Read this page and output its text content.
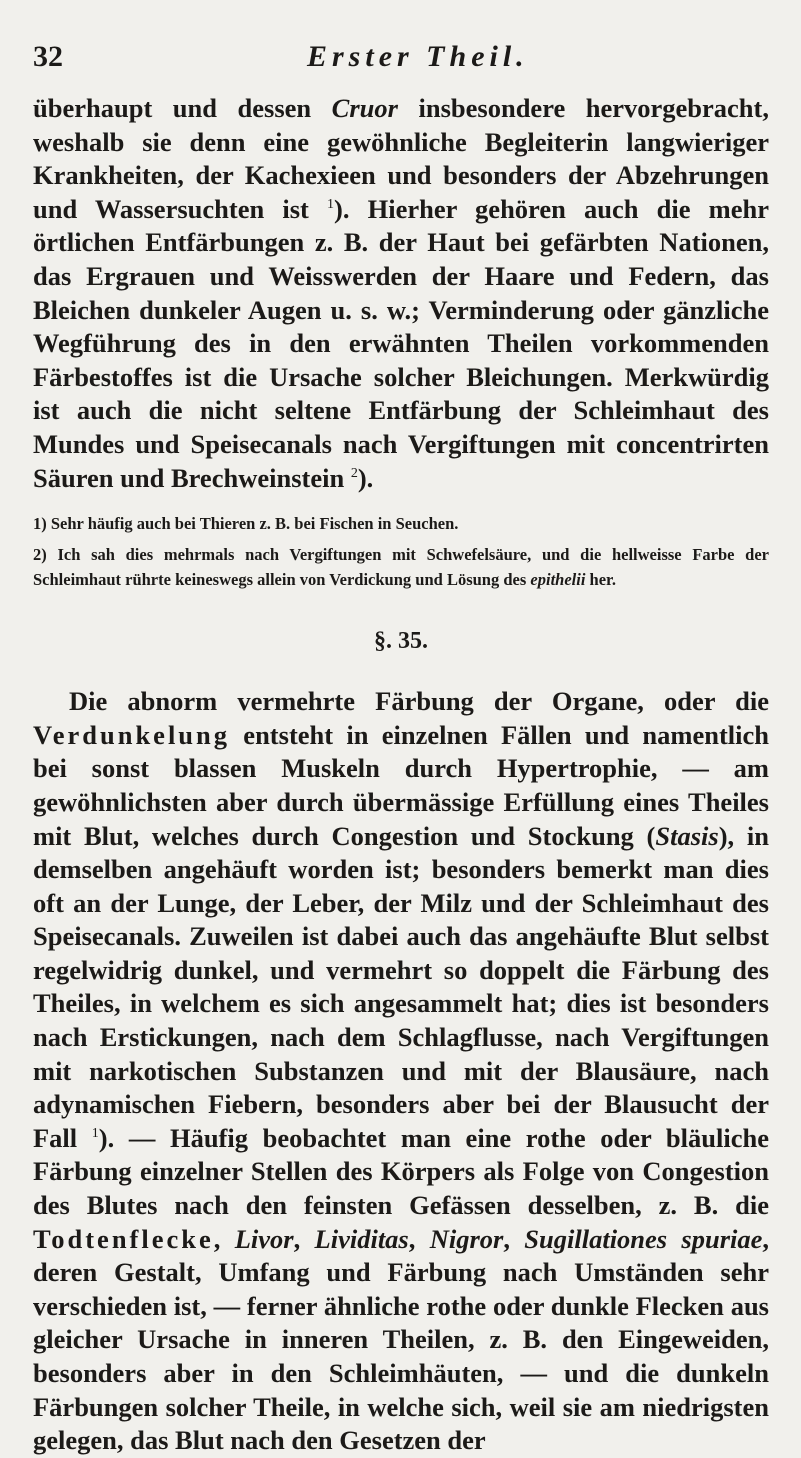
32	Erster Theil.

überhaupt und dessen Cruor insbesondere hervorgebracht, weshalb sie denn eine gewöhnliche Begleiterin langwieriger Krankheiten, der Kachexieen und besonders der Abzehrungen und Wassersuchten ist $^1$). Hierher gehören auch die mehr örtlichen Entfärbungen z. B. der Haut bei gefärbten Nationen, das Ergrauen und Weisswerden der Haare und Federn, das Bleichen dunkeler Augen u. s. w.; Verminderung oder gänzliche Wegführung des in den erwähnten Theilen vorkommenden Färbestoffes ist die Ursache solcher Bleichungen. Merkwürdig ist auch die nicht seltene Entfärbung der Schleimhaut des Mundes und Speisecanals nach Vergiftungen mit concentrirten Säuren und Brechweinstein $^2$).

1) Sehr häufig auch bei Thieren z. B. bei Fischen in Seuchen.

2) Ich sah dies mehrmals nach Vergiftungen mit Schwefelsäure, und die hellweisse Farbe der Schleimhaut rührte keineswegs allein von Verdickung und Lösung des epithelii her.

§. 35.

Die abnorm vermehrte Färbung der Organe, oder die Verdunkelung entsteht in einzelnen Fällen und namentlich bei sonst blassen Muskeln durch Hypertrophie, — am gewöhnlichsten aber durch übermässige Erfüllung eines Theiles mit Blut, welches durch Congestion und Stockung (Stasis), in demselben angehäuft worden ist; besonders bemerkt man dies oft an der Lunge, der Leber, der Milz und der Schleimhaut des Speisecanals. Zuweilen ist dabei auch das angehäufte Blut selbst regelwidrig dunkel, und vermehrt so doppelt die Färbung des Theiles, in welchem es sich angesammelt hat; dies ist besonders nach Erstickungen, nach dem Schlagflusse, nach Vergiftungen mit narkotischen Substanzen und mit der Blausäure, nach adynamischen Fiebern, besonders aber bei der Blausucht der Fall $^1$). — Häufig beobachtet man eine rothe oder bläuliche Färbung einzelner Stellen des Körpers als Folge von Congestion des Blutes nach den feinsten Gefässen desselben, z. B. die Todtenflecke, Livor, Lividitas, Nigror, Sugillationes spuriae, deren Gestalt, Umfang und Färbung nach Umständen sehr verschieden ist, — ferner ähnliche rothe oder dunkle Flecken aus gleicher Ursache in inneren Theilen, z. B. den Eingeweiden, besonders aber in den Schleimhäuten, — und die dunkeln Färbungen solcher Theile, in welche sich, weil sie am niedrigsten gelegen, das Blut nach den Gesetzen der
